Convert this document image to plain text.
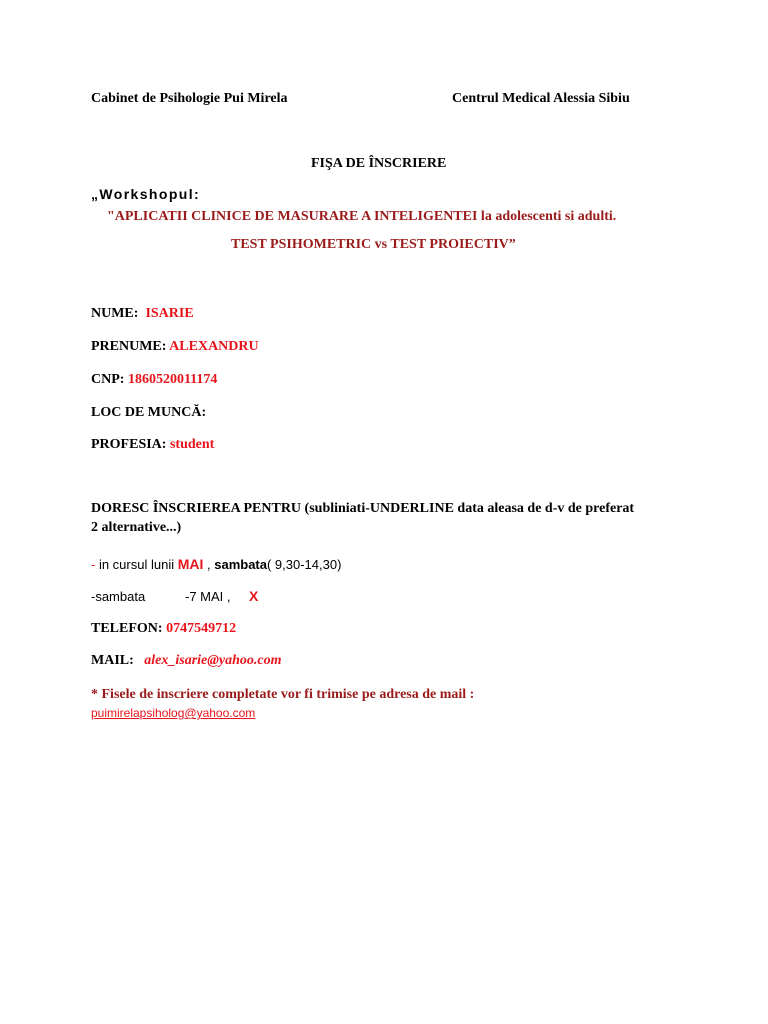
Cabinet de Psihologie Pui Mirela	Centrul Medical Alessia Sibiu
FIŞA DE ÎNSCRIERE
„Workshopul:
"APLICATII CLINICE DE MASURARE A INTELIGENTEI la adolescenti si adulti.
TEST PSIHOMETRIC vs TEST PROIECTIV”
NUME: ISARIE
PRENUME: ALEXANDRU
CNP: 1860520011174
LOC DE MUNCĂ:
PROFESIA: student
DORESC ÎNSCRIEREA PENTRU (subliniati-UNDERLINE data aleasa de d-v de preferat
2 alternative...)
- in cursul lunii MAI , sambata( 9,30-14,30)
-sambata	-7 MAI , X
TELEFON: 0747549712
MAIL: alex_isarie@yahoo.com
* Fisele de inscriere completate vor fi trimise pe adresa de mail :
puimirelapsiholog@yahoo.com
